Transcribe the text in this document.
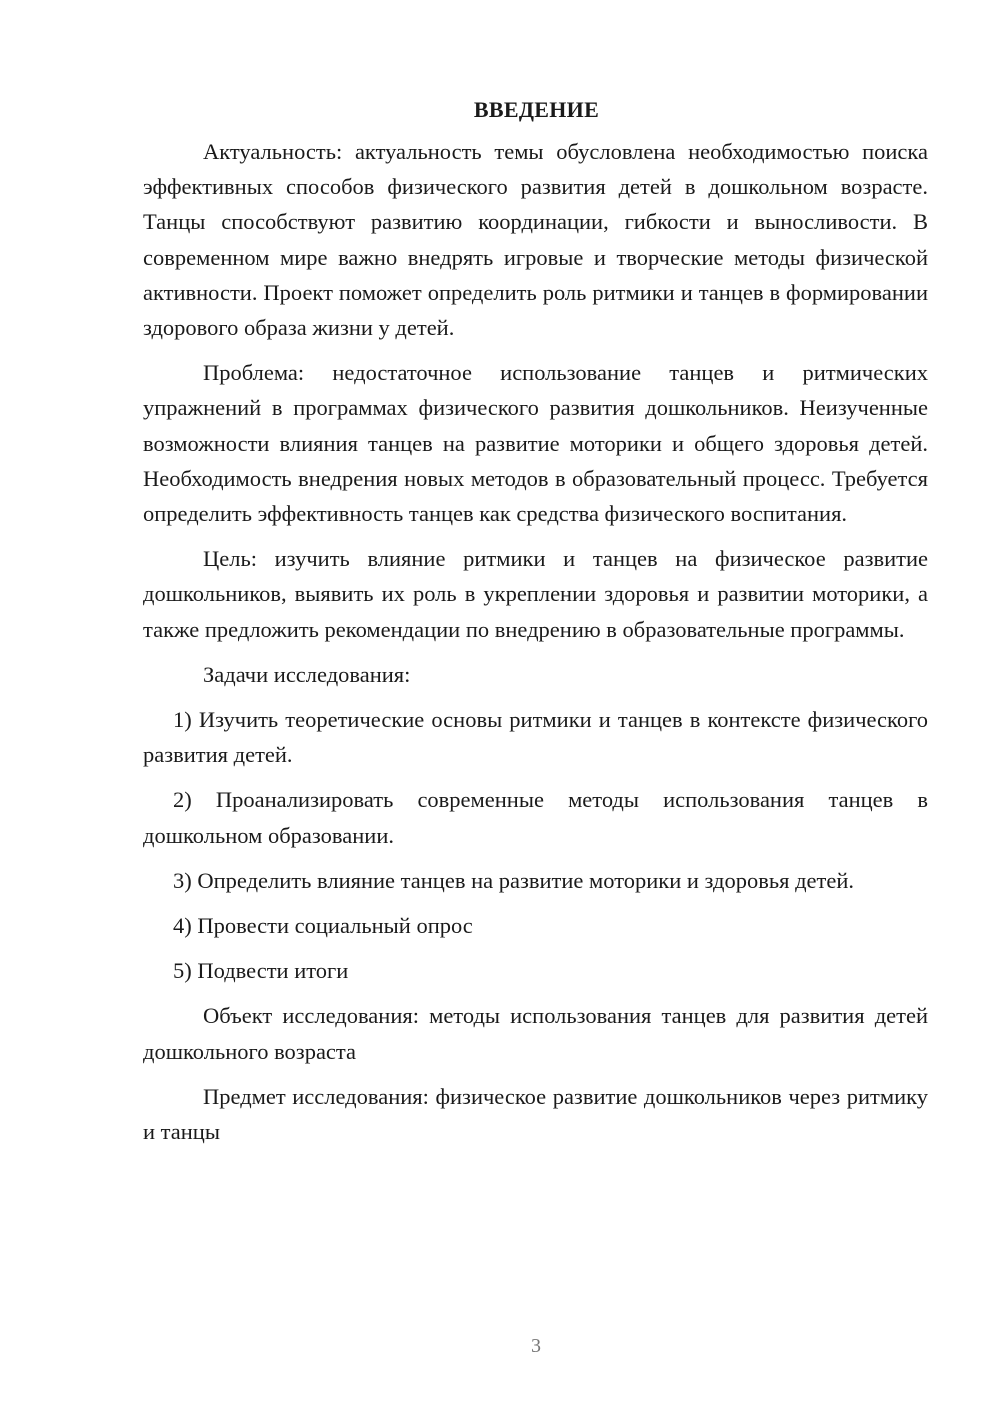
ВВЕДЕНИЕ

Актуальность: актуальность темы обусловлена необходимостью поиска эффективных способов физического развития детей в дошкольном возрасте. Танцы способствуют развитию координации, гибкости и выносливости. В современном мире важно внедрять игровые и творческие методы физической активности. Проект поможет определить роль ритмики и танцев в формировании здорового образа жизни у детей.

Проблема: недостаточное использование танцев и ритмических упражнений в программах физического развития дошкольников. Неизученные возможности влияния танцев на развитие моторики и общего здоровья детей. Необходимость внедрения новых методов в образовательный процесс. Требуется определить эффективность танцев как средства физического воспитания.

Цель: изучить влияние ритмики и танцев на физическое развитие дошкольников, выявить их роль в укреплении здоровья и развитии моторики, а также предложить рекомендации по внедрению в образовательные программы.

Задачи исследования:

1) Изучить теоретические основы ритмики и танцев в контексте физического развития детей.

2) Проанализировать современные методы использования танцев в дошкольном образовании.

3) Определить влияние танцев на развитие моторики и здоровья детей.

4) Провести социальный опрос

5) Подвести итоги

Объект исследования: методы использования танцев для развития детей дошкольного возраста

Предмет исследования: физическое развитие дошкольников через ритмику и танцы

3
